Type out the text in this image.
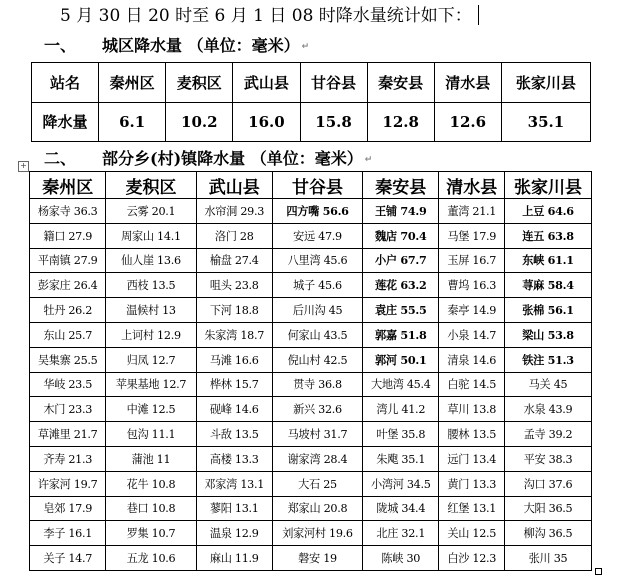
5 月 30 日 20 时至 6 月 1 日 08 时降水量统计如下：
一、 城区降水量 （单位：毫米） ↵
站名	秦州区	麦积区	武山县	甘谷县	秦安县	清水县	张家川县
降水量	6.1	10.2	16.0	15.8	12.8	12.6	35.1
二、 部分乡(村)镇降水量 （单位：毫米） ↵
+
秦州区	麦积区	武山县	甘谷县	秦安县	清水县	张家川县
杨家寺 36.3	云雾 20.1	水帘洞 29.3	四方嘴 56.6	王铺 74.9	董湾 21.1	上豆 64.6
籍口 27.9	周家山 14.1	洛门 28	安远 47.9	魏店 70.4	马堡 17.9	连五 63.8
平南镇 27.9	仙人崖 13.6	榆盘 27.4	八里湾 45.6	小户 67.7	玉屏 16.7	东峡 61.1
彭家庄 26.4	西枝 13.5	咀头 23.8	城子 45.6	莲花 63.2	曹坞 16.3	荨麻 58.4
牡丹 26.2	温候村 13	下河 18.8	后川沟 45	袁庄 55.5	秦亭 14.9	张棉 56.1
东山 25.7	上诃村 12.9	朱家湾 18.7	何家山 43.5	郭嘉 51.8	小泉 14.7	梁山 53.8
吴集寨 25.5	归凤 12.7	马滩 16.6	倪山村 42.5	郭河 50.1	清泉 14.6	铁注 51.3
华岐 23.5	苹果基地 12.7	桦林 15.7	贯寺 36.8	大地湾 45.4	白驼 14.5	马关 45
木门 23.3	中滩 12.5	砚峰 14.6	新兴 32.6	湾儿 41.2	草川 13.8	水泉 43.9
草滩里 21.7	包沟 11.1	斗敌 13.5	马坡村 31.7	叶堡 35.8	腰林 13.5	孟寺 39.2
齐寿 21.3	蒲池 11	高楼 13.3	谢家湾 28.4	朱飑 35.1	远门 13.4	平安 38.3
许家河 19.7	花牛 10.8	邓家湾 13.1	大石 25	小湾河 34.5	黄门 13.3	沟口 37.6
皂郊 17.9	巷口 10.8	蓼阳 13.1	郑家山 20.8	陇城 34.4	红堡 13.1	大阳 36.5
李子 16.1	罗集 10.7	温泉 12.9	刘家河村 19.6	北庄 32.1	关山 12.5	柳沟 36.5
关子 14.7	五龙 10.6	麻山 11.9	磐安 19	陈峡 30	白沙 12.3	张川 35
